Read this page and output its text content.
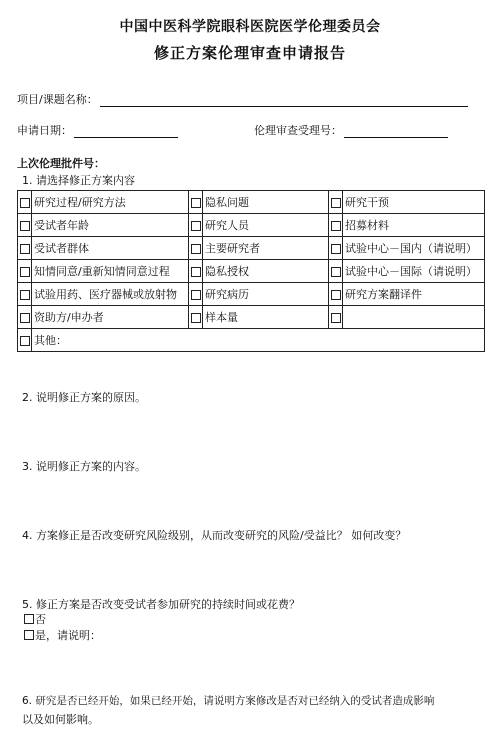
中国中医科学院眼科医院医学伦理委员会
修正方案伦理审查申请报告
项目/课题名称：
申请日期：	伦理审查受理号：
上次伦理批件号：
1. 请选择修正方案内容
	研究过程/研究方法		隐私问题		研究干预
	受试者年龄		研究人员		招募材料
	受试者群体		主要研究者		试验中心－国内（请说明）
	知情同意/重新知情同意过程		隐私授权		试验中心－国际（请说明）
	试验用药、医疗器械或放射物		研究病历		研究方案翻译件
	资助方/申办者		样本量		
	其他：				
2. 说明修正方案的原因。
3. 说明修正方案的内容。
4. 方案修正是否改变研究风险级别，从而改变研究的风险/受益比？ 如何改变？
5. 修正方案是否改变受试者参加研究的持续时间或花费？
否
是，请说明：
6. 研究是否已经开始，如果已经开始，请说明方案修改是否对已经纳入的受试者造成影响
以及如何影响。
